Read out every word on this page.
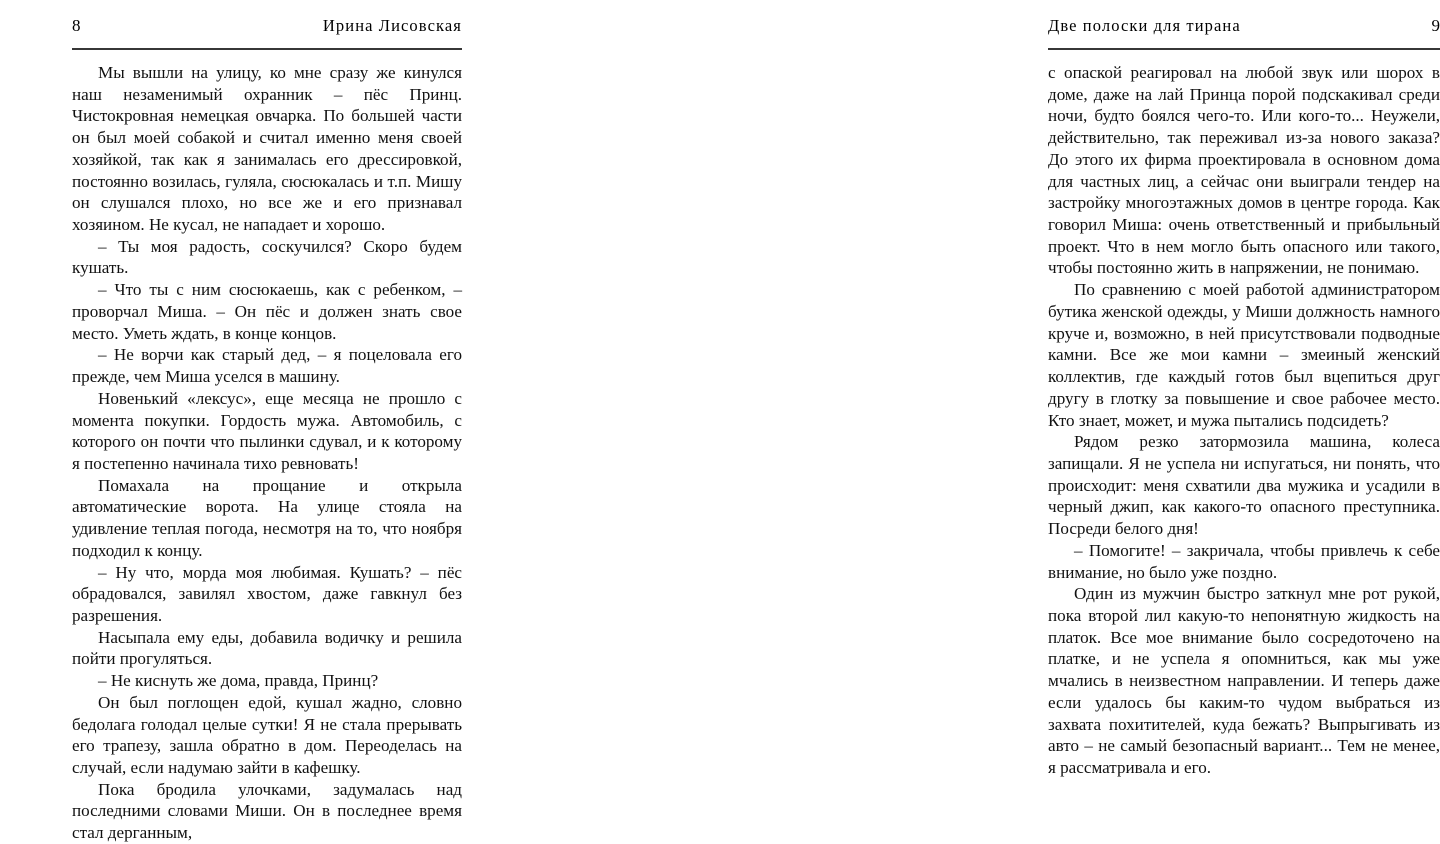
8	Ирина Лисовская

Мы вышли на улицу, ко мне сразу же кинулся наш незаменимый охранник – пёс Принц. Чистокровная немецкая овчарка. По большей части он был моей собакой и считал именно меня своей хозяйкой, так как я занималась его дрессировкой, постоянно возилась, гуляла, сюсюкалась и т.п. Мишу он слушался плохо, но все же и его признавал хозяином. Не кусал, не нападает и хорошо.

– Ты моя радость, соскучился? Скоро будем кушать.

– Что ты с ним сюсюкаешь, как с ребенком, – проворчал Миша. – Он пёс и должен знать свое место. Уметь ждать, в конце концов.

– Не ворчи как старый дед, – я поцеловала его прежде, чем Миша уселся в машину.

Новенький «лексус», еще месяца не прошло с момента покупки. Гордость мужа. Автомобиль, с которого он почти что пылинки сдувал, и к которому я постепенно начинала тихо ревновать!

Помахала на прощание и открыла автоматические ворота. На улице стояла на удивление теплая погода, несмотря на то, что ноября подходил к концу.

– Ну что, морда моя любимая. Кушать? – пёс обрадовался, завилял хвостом, даже гавкнул без разрешения.

Насыпала ему еды, добавила водичку и решила пойти прогуляться.

– Не киснуть же дома, правда, Принц?

Он был поглощен едой, кушал жадно, словно бедолага голодал целые сутки! Я не стала прерывать его трапезу, зашла обратно в дом. Переоделась на случай, если надумаю зайти в кафешку.

Пока бродила улочками, задумалась над последними словами Миши. Он в последнее время стал дерганным,

Две полоски для тирана	9

с опаской реагировал на любой звук или шорох в доме, даже на лай Принца порой подскакивал среди ночи, будто боялся чего-то. Или кого-то... Неужели, действительно, так переживал из-за нового заказа? До этого их фирма проектировала в основном дома для частных лиц, а сейчас они выиграли тендер на застройку многоэтажных домов в центре города. Как говорил Миша: очень ответственный и прибыльный проект. Что в нем могло быть опасного или такого, чтобы постоянно жить в напряжении, не понимаю.

По сравнению с моей работой администратором бутика женской одежды, у Миши должность намного круче и, возможно, в ней присутствовали подводные камни. Все же мои камни – змеиный женский коллектив, где каждый готов был вцепиться друг другу в глотку за повышение и свое рабочее место. Кто знает, может, и мужа пытались подсидеть?

Рядом резко затормозила машина, колеса запищали. Я не успела ни испугаться, ни понять, что происходит: меня схватили два мужика и усадили в черный джип, как какого-то опасного преступника. Посреди белого дня!

– Помогите! – закричала, чтобы привлечь к себе внимание, но было уже поздно.

Один из мужчин быстро заткнул мне рот рукой, пока второй лил какую-то непонятную жидкость на платок. Все мое внимание было сосредоточено на платке, и не успела я опомниться, как мы уже мчались в неизвестном направлении. И теперь даже если удалось бы каким-то чудом выбраться из захвата похитителей, куда бежать? Выпрыгивать из авто – не самый безопасный вариант... Тем не менее, я рассматривала и его.
